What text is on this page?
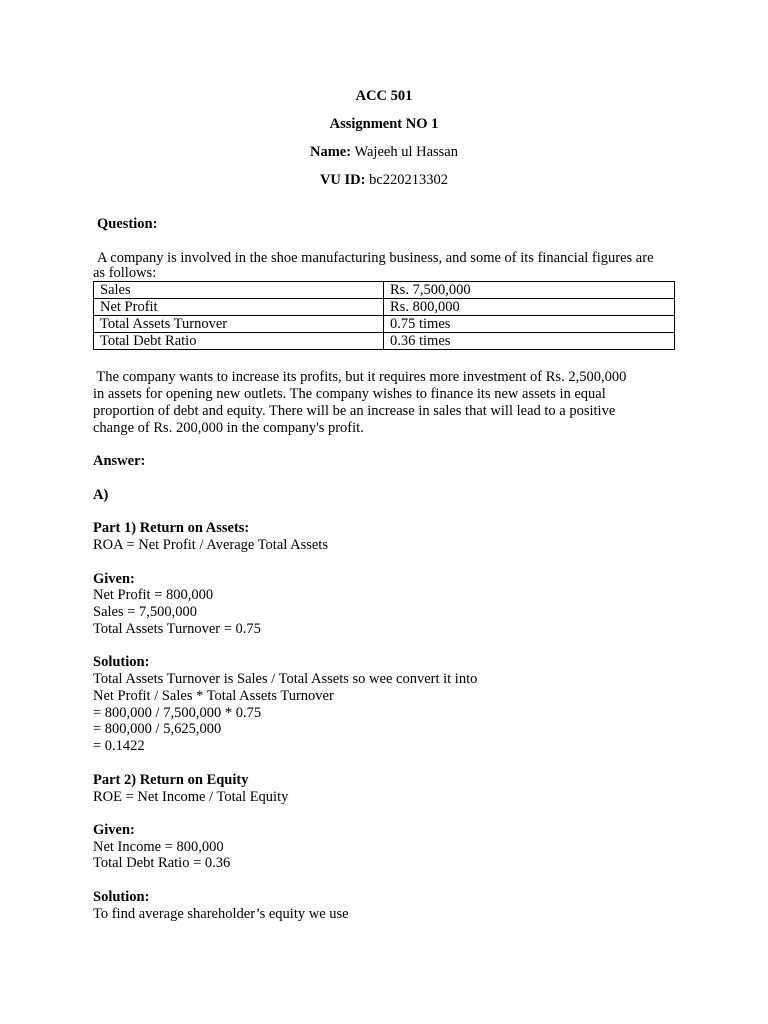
ACC 501
Assignment NO 1
Name: Wajeeh ul Hassan
VU ID: bc220213302
Question:
A company is involved in the shoe manufacturing business, and some of its financial figures are
as follows:
Sales	Rs. 7,500,000
Net Profit	Rs. 800,000
Total Assets Turnover	0.75 times
Total Debt Ratio	0.36 times
The company wants to increase its profits, but it requires more investment of Rs. 2,500,000
in assets for opening new outlets. The company wishes to finance its new assets in equal
proportion of debt and equity. There will be an increase in sales that will lead to a positive
change of Rs. 200,000 in the company's profit.
Answer:
A)
Part 1) Return on Assets:
ROA = Net Profit / Average Total Assets
Given:
Net Profit = 800,000
Sales = 7,500,000
Total Assets Turnover = 0.75
Solution:
Total Assets Turnover is Sales / Total Assets so wee convert it into
Net Profit / Sales * Total Assets Turnover
= 800,000 / 7,500,000 * 0.75
= 800,000 / 5,625,000
= 0.1422
Part 2) Return on Equity
ROE = Net Income / Total Equity
Given:
Net Income = 800,000
Total Debt Ratio = 0.36
Solution:
To find average shareholder’s equity we use
